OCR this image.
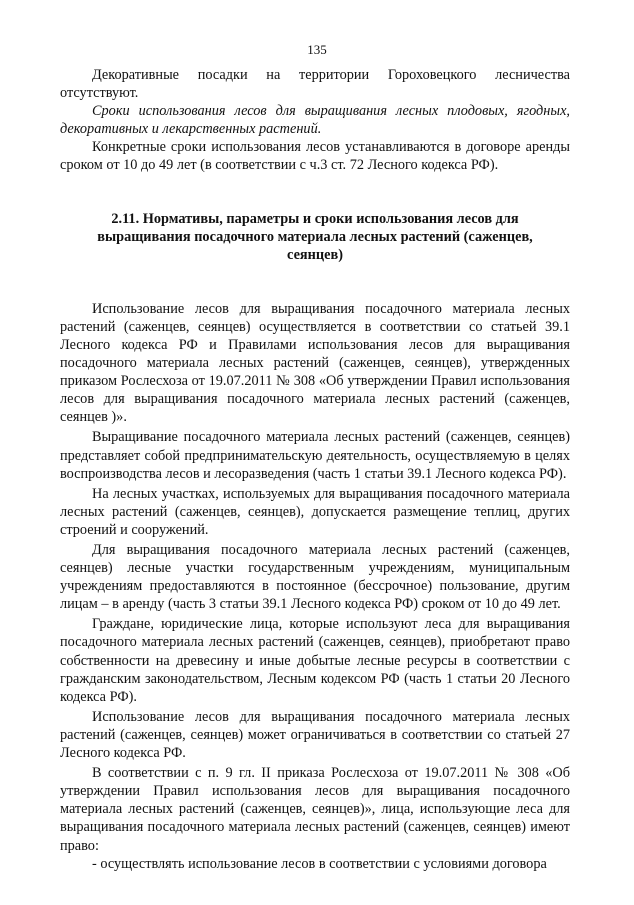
135

Декоративные посадки на территории Гороховецкого лесничества отсутствуют.

Сроки использования лесов для выращивания лесных плодовых, ягодных, декоративных и лекарственных растений.

Конкретные сроки использования лесов устанавливаются в договоре аренды сроком от 10 до 49 лет (в соответствии с ч.3 ст. 72 Лесного кодекса РФ).

2.11. Нормативы, параметры и сроки использования лесов для выращивания посадочного материала лесных растений (саженцев, сеянцев)

Использование лесов для выращивания посадочного материала лесных растений (саженцев, сеянцев) осуществляется в соответствии со статьей 39.1 Лесного кодекса РФ и Правилами использования лесов для выращивания посадочного материала лесных растений (саженцев, сеянцев), утвержденных приказом Рослесхоза от 19.07.2011 № 308 «Об утверждении Правил использования лесов для выращивания посадочного материала лесных растений (саженцев, сеянцев )».

Выращивание посадочного материала лесных растений (саженцев, сеянцев) представляет собой предпринимательскую деятельность, осуществляемую в целях воспроизводства лесов и лесоразведения (часть 1 статьи 39.1 Лесного кодекса РФ).

На лесных участках, используемых для выращивания посадочного материала лесных растений (саженцев, сеянцев), допускается размещение теплиц, других строений и сооружений.

Для выращивания посадочного материала лесных растений (саженцев, сеянцев) лесные участки государственным учреждениям, муниципальным учреждениям предоставляются в постоянное (бессрочное) пользование, другим лицам – в аренду (часть 3 статьи 39.1 Лесного кодекса РФ) сроком от 10 до 49 лет.

Граждане, юридические лица, которые используют леса для выращивания посадочного материала лесных растений (саженцев, сеянцев), приобретают право собственности на древесину и иные добытые лесные ресурсы в соответствии с гражданским законодательством, Лесным кодексом РФ (часть 1 статьи 20 Лесного кодекса РФ).

Использование лесов для выращивания посадочного материала лесных растений (саженцев, сеянцев) может ограничиваться в соответствии со статьей 27 Лесного кодекса РФ.

В соответствии с п. 9 гл. II приказа Рослесхоза от 19.07.2011 № 308 «Об утверждении Правил использования лесов для выращивания посадочного материала лесных растений (саженцев, сеянцев)», лица, использующие леса для выращивания посадочного материала лесных растений (саженцев, сеянцев) имеют право:

- осуществлять использование лесов в соответствии с условиями договора
